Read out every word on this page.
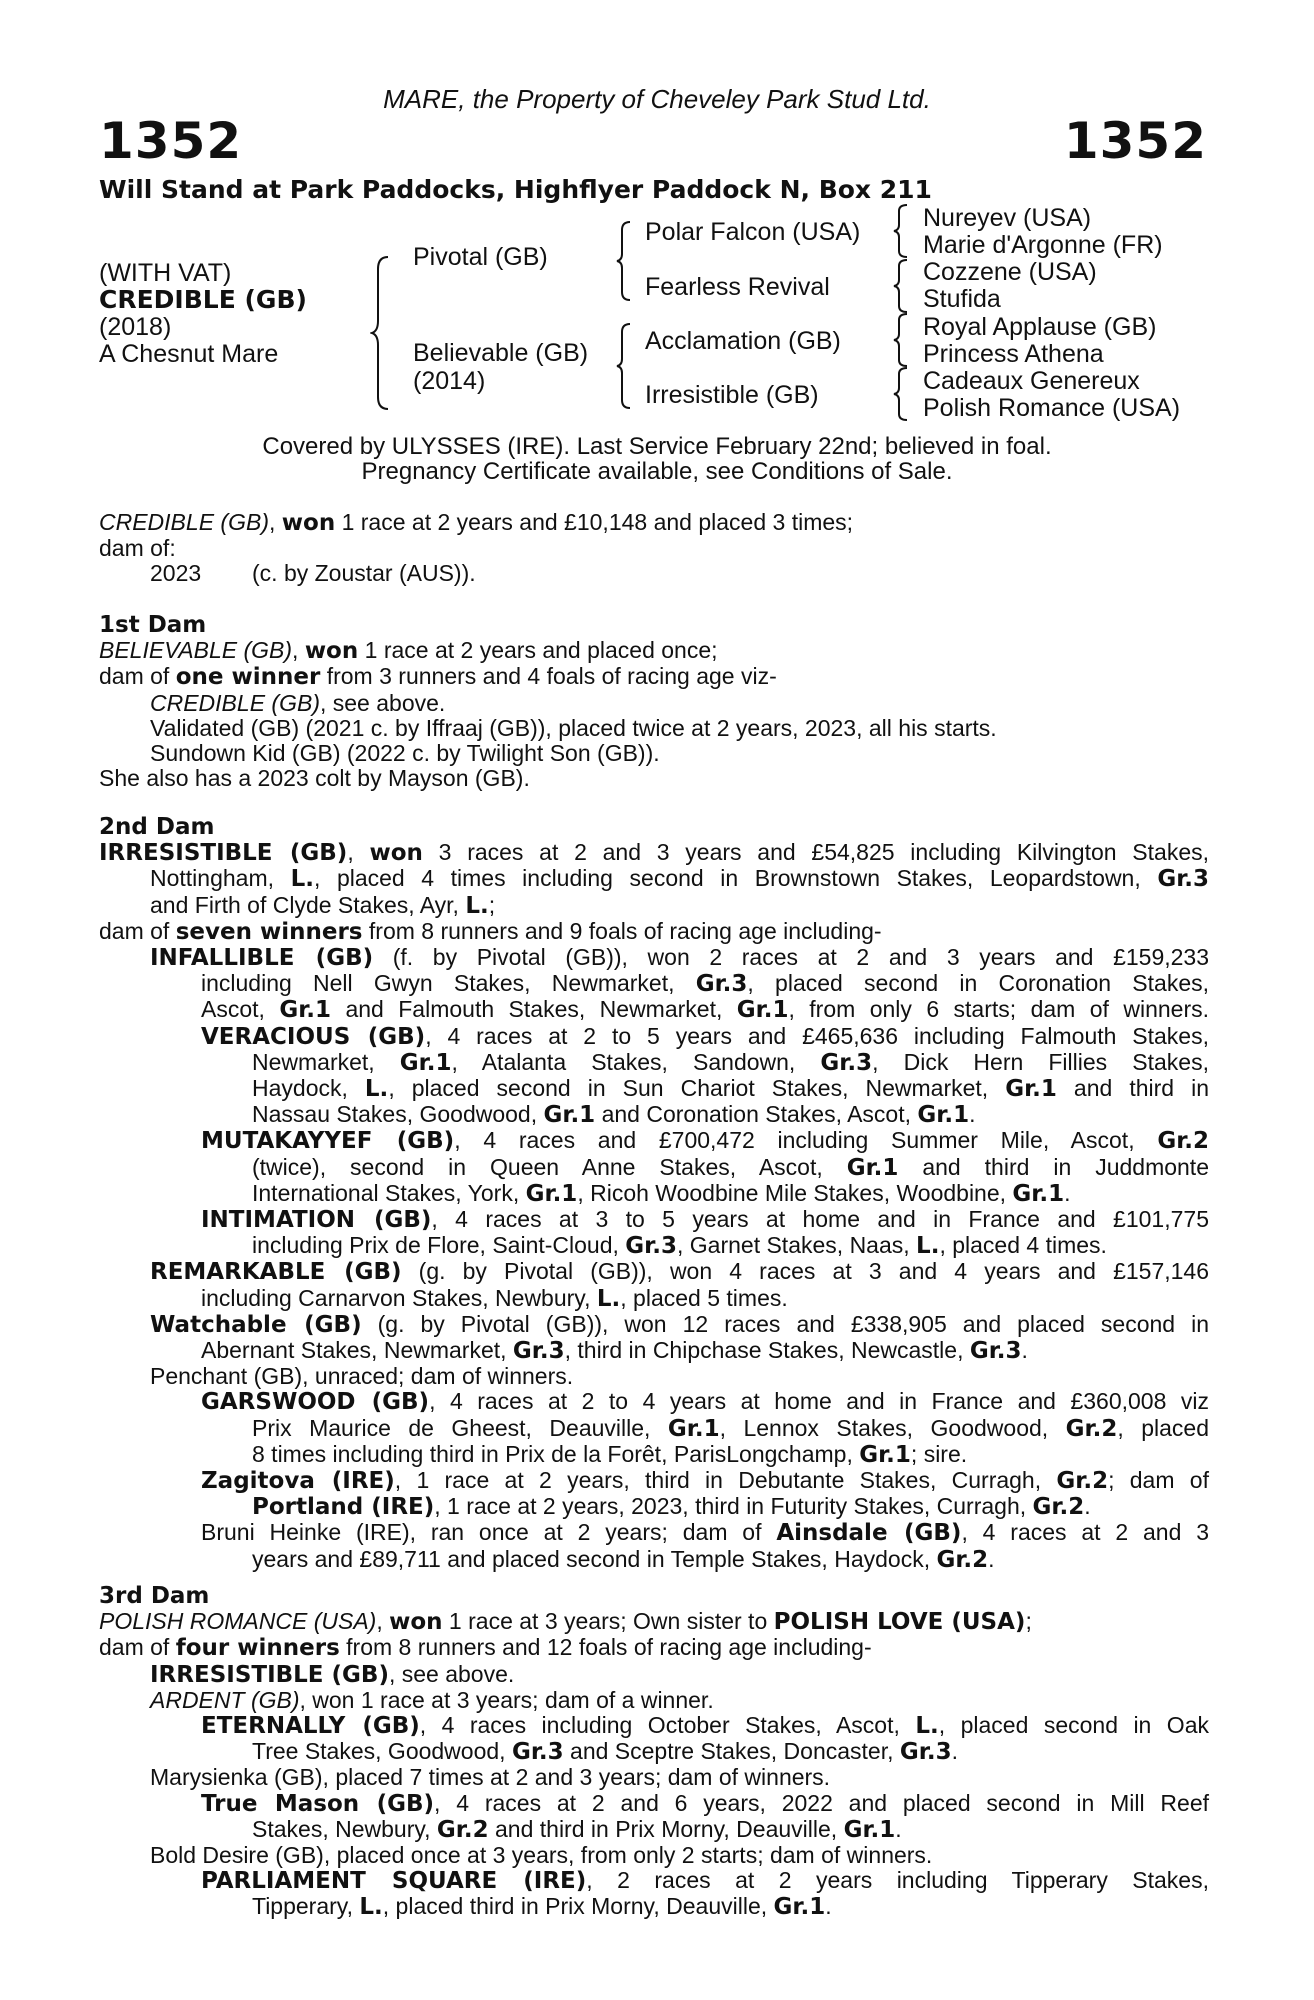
MARE, the Property of Cheveley Park Stud Ltd.
1352	1352
Will Stand at Park Paddocks, Highflyer Paddock N, Box 211
(WITH VAT)
CREDIBLE (GB)
(2018)
A Chesnut Mare
Pivotal (GB)
Believable (GB)
(2014)
Polar Falcon (USA)
Fearless Revival
Acclamation (GB)
Irresistible (GB)
Nureyev (USA)
Marie d'Argonne (FR)
Cozzene (USA)
Stufida
Royal Applause (GB)
Princess Athena
Cadeaux Genereux
Polish Romance (USA)
Covered by ULYSSES (IRE). Last Service February 22nd; believed in foal.
Pregnancy Certificate available, see Conditions of Sale.

CREDIBLE (GB), won 1 race at 2 years and £10,148 and placed 3 times;

dam of:

2023 (c. by Zoustar (AUS)).

1st Dam

BELIEVABLE (GB), won 1 race at 2 years and placed once;

dam of one winner from 3 runners and 4 foals of racing age viz-

CREDIBLE (GB), see above.

Validated (GB) (2021 c. by Iffraaj (GB)), placed twice at 2 years, 2023, all his starts.

Sundown Kid (GB) (2022 c. by Twilight Son (GB)).

She also has a 2023 colt by Mayson (GB).

2nd Dam

IRRESISTIBLE (GB), won 3 races at 2 and 3 years and £54,825 including Kilvington Stakes,

Nottingham, L., placed 4 times including second in Brownstown Stakes, Leopardstown, Gr.3

and Firth of Clyde Stakes, Ayr, L.;

dam of seven winners from 8 runners and 9 foals of racing age including-

INFALLIBLE (GB) (f. by Pivotal (GB)), won 2 races at 2 and 3 years and £159,233

including Nell Gwyn Stakes, Newmarket, Gr.3, placed second in Coronation Stakes,

Ascot, Gr.1 and Falmouth Stakes, Newmarket, Gr.1, from only 6 starts; dam of winners.

VERACIOUS (GB), 4 races at 2 to 5 years and £465,636 including Falmouth Stakes,

Newmarket, Gr.1, Atalanta Stakes, Sandown, Gr.3, Dick Hern Fillies Stakes,

Haydock, L., placed second in Sun Chariot Stakes, Newmarket, Gr.1 and third in

Nassau Stakes, Goodwood, Gr.1 and Coronation Stakes, Ascot, Gr.1.

MUTAKAYYEF (GB), 4 races and £700,472 including Summer Mile, Ascot, Gr.2

(twice), second in Queen Anne Stakes, Ascot, Gr.1 and third in Juddmonte

International Stakes, York, Gr.1, Ricoh Woodbine Mile Stakes, Woodbine, Gr.1.

INTIMATION (GB), 4 races at 3 to 5 years at home and in France and £101,775

including Prix de Flore, Saint-Cloud, Gr.3, Garnet Stakes, Naas, L., placed 4 times.

REMARKABLE (GB) (g. by Pivotal (GB)), won 4 races at 3 and 4 years and £157,146

including Carnarvon Stakes, Newbury, L., placed 5 times.

Watchable (GB) (g. by Pivotal (GB)), won 12 races and £338,905 and placed second in

Abernant Stakes, Newmarket, Gr.3, third in Chipchase Stakes, Newcastle, Gr.3.

Penchant (GB), unraced; dam of winners.

GARSWOOD (GB), 4 races at 2 to 4 years at home and in France and £360,008 viz

Prix Maurice de Gheest, Deauville, Gr.1, Lennox Stakes, Goodwood, Gr.2, placed

8 times including third in Prix de la Forêt, ParisLongchamp, Gr.1; sire.

Zagitova (IRE), 1 race at 2 years, third in Debutante Stakes, Curragh, Gr.2; dam of

Portland (IRE), 1 race at 2 years, 2023, third in Futurity Stakes, Curragh, Gr.2.

Bruni Heinke (IRE), ran once at 2 years; dam of Ainsdale (GB), 4 races at 2 and 3

years and £89,711 and placed second in Temple Stakes, Haydock, Gr.2.

3rd Dam

POLISH ROMANCE (USA), won 1 race at 3 years; Own sister to POLISH LOVE (USA);

dam of four winners from 8 runners and 12 foals of racing age including-

IRRESISTIBLE (GB), see above.

ARDENT (GB), won 1 race at 3 years; dam of a winner.

ETERNALLY (GB), 4 races including October Stakes, Ascot, L., placed second in Oak

Tree Stakes, Goodwood, Gr.3 and Sceptre Stakes, Doncaster, Gr.3.

Marysienka (GB), placed 7 times at 2 and 3 years; dam of winners.

True Mason (GB), 4 races at 2 and 6 years, 2022 and placed second in Mill Reef

Stakes, Newbury, Gr.2 and third in Prix Morny, Deauville, Gr.1.

Bold Desire (GB), placed once at 3 years, from only 2 starts; dam of winners.

PARLIAMENT SQUARE (IRE), 2 races at 2 years including Tipperary Stakes,

Tipperary, L., placed third in Prix Morny, Deauville, Gr.1.
